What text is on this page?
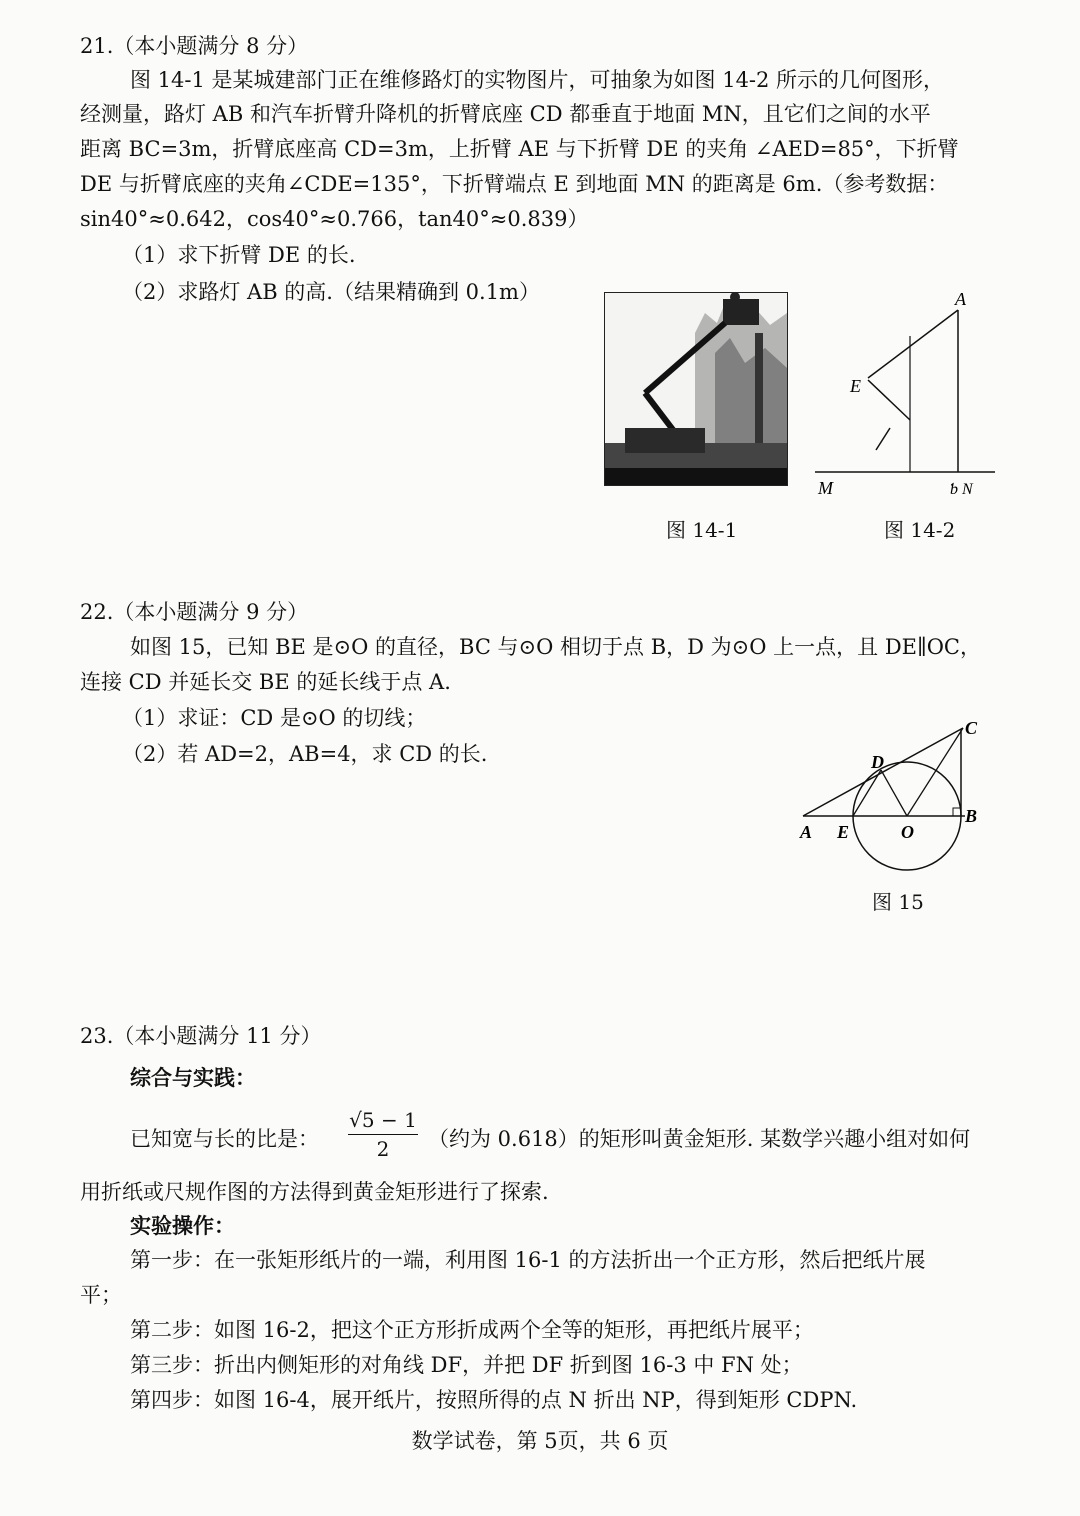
21.（本小题满分 8 分）
图 14-1 是某城建部门正在维修路灯的实物图片，可抽象为如图 14-2 所示的几何图形，
经测量，路灯 AB 和汽车折臂升降机的折臂底座 CD 都垂直于地面 MN，且它们之间的水平
距离 BC=3m，折臂底座高 CD=3m，上折臂 AE 与下折臂 DE 的夹角 ∠AED=85°，下折臂
DE 与折臂底座的夹角∠CDE=135°，下折臂端点 E 到地面 MN 的距离是 6m.（参考数据：
sin40°≈0.642，cos40°≈0.766，tan40°≈0.839）
（1）求下折臂 DE 的长.
（2）求路灯 AB 的高.（结果精确到 0.1m）	A
E
M	ƅ N
图 14-1	图 14-2
22.（本小题满分 9 分）
如图 15，已知 BE 是⊙O 的直径，BC 与⊙O 相切于点 B，D 为⊙O 上一点，且 DE∥OC，
连接 CD 并延长交 BE 的延长线于点 A.
（1）求证：CD 是⊙O 的切线；
（2）若 AD=2，AB=4，求 CD 的长.
C
D
B
A E	O
图 15
23.（本小题满分 11 分）
综合与实践：
已知宽与长的比是： $\frac{√5 - 1}{2}$ （约为 0.618）的矩形叫黄金矩形. 某数学兴趣小组对如何
用折纸或尺规作图的方法得到黄金矩形进行了探索.
实验操作：
第一步：在一张矩形纸片的一端，利用图 16-1 的方法折出一个正方形，然后把纸片展
平；
第二步：如图 16-2，把这个正方形折成两个全等的矩形，再把纸片展平；
第三步：折出内侧矩形的对角线 DF，并把 DF 折到图 16-3 中 FN 处；
第四步：如图 16-4，展开纸片，按照所得的点 N 折出 NP，得到矩形 CDPN.
数学试卷，第 5页，共 6 页
